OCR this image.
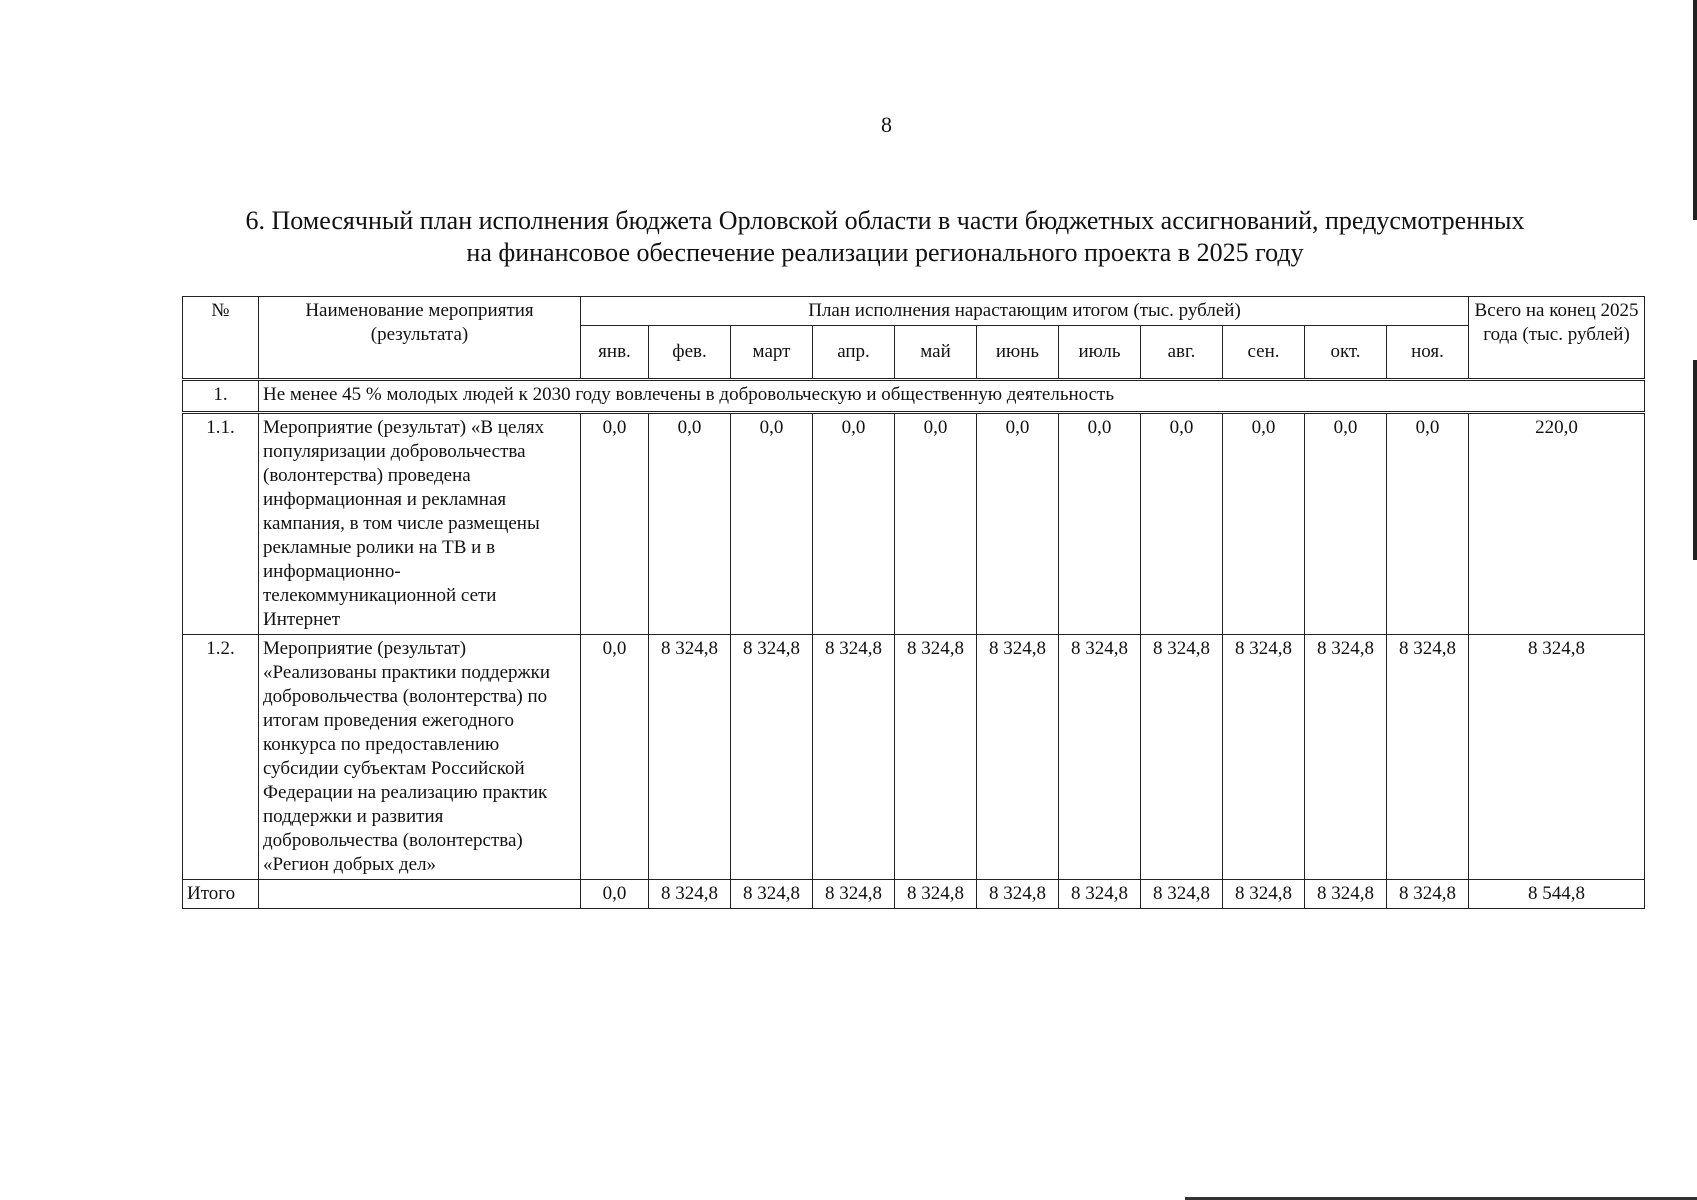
8
6. Помесячный план исполнения бюджета Орловской области в части бюджетных ассигнований, предусмотренных
на финансовое обеспечение реализации регионального проекта в 2025 году
№	Наименование мероприятия (результата)	План исполнения нарастающим итогом (тыс. рублей)											Всего на конец 2025 года (тыс. рублей)
		янв.	фев.	март	апр.	май	июнь	июль	авг.	сен.	окт.	ноя.	
1.	Не менее 45 % молодых людей к 2030 году вовлечены в добровольческую и общественную деятельность												
1.1.	Мероприятие (результат) «В целях популяризации добровольчества (волонтерства) проведена информационная и рекламная кампания, в том числе размещены рекламные ролики на ТВ и в информационно-телекоммуникационной сети Интернет	0,0	0,0	0,0	0,0	0,0	0,0	0,0	0,0	0,0	0,0	0,0	220,0
1.2.	Мероприятие (результат) «Реализованы практики поддержки добровольчества (волонтерства) по итогам проведения ежегодного конкурса по предоставлению субсидии субъектам Российской Федерации на реализацию практик поддержки и развития добровольчества (волонтерства) «Регион добрых дел»	0,0	8 324,8	8 324,8	8 324,8	8 324,8	8 324,8	8 324,8	8 324,8	8 324,8	8 324,8	8 324,8	8 324,8
Итого		0,0	8 324,8	8 324,8	8 324,8	8 324,8	8 324,8	8 324,8	8 324,8	8 324,8	8 324,8	8 324,8	8 544,8
